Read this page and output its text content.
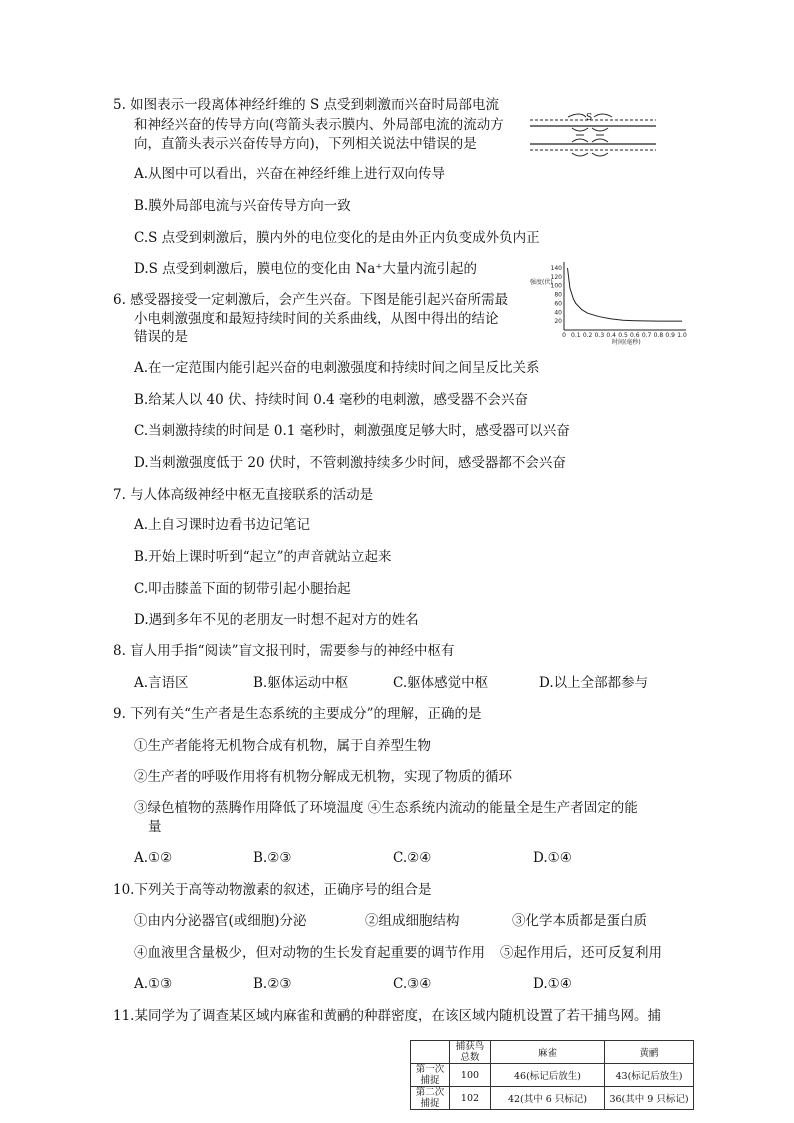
5. 如图表示一段离体神经纤维的 S 点受到刺激而兴奋时局部电流
和神经兴奋的传导方向(弯箭头表示膜内、外局部电流的流动方
向，直箭头表示兴奋传导方向)，下列相关说法中错误的是
S
A.从图中可以看出，兴奋在神经纤维上进行双向传导
B.膜外局部电流与兴奋传导方向一致
C.S 点受到刺激后，膜内外的电位变化的是由外正内负变成外负内正
D.S 点受到刺激后，膜电位的变化由 Na⁺大量内流引起的
6. 感受器接受一定刺激后，会产生兴奋。下图是能引起兴奋所需最
小电刺激强度和最短持续时间的关系曲线，从图中得出的结论
错误的是
强度(伏)
时间(毫秒)
140
120
100
80
60
40
20
0 0.1 0.2 0.3 0.4 0.5 0.6 0.7 0.8 0.9 1.0
A.在一定范围内能引起兴奋的电刺激强度和持续时间之间呈反比关系
B.给某人以 40 伏、持续时间 0.4 毫秒的电刺激，感受器不会兴奋
C.当刺激持续的时间是 0.1 毫秒时，刺激强度足够大时，感受器可以兴奋
D.当刺激强度低于 20 伏时，不管刺激持续多少时间，感受器都不会兴奋
7. 与人体高级神经中枢无直接联系的活动是
A.上自习课时边看书边记笔记
B.开始上课时听到“起立”的声音就站立起来
C.叩击膝盖下面的韧带引起小腿抬起
D.遇到多年不见的老朋友一时想不起对方的姓名
8. 盲人用手指“阅读”盲文报刊时，需要参与的神经中枢有
A.言语区	B.躯体运动中枢	C.躯体感觉中枢	D.以上全部都参与
9. 下列有关“生产者是生态系统的主要成分”的理解，正确的是
①生产者能将无机物合成有机物，属于自养型生物
②生产者的呼吸作用将有机物分解成无机物，实现了物质的循环
③绿色植物的蒸腾作用降低了环境温度 ④生态系统内流动的能量全是生产者固定的能
量
A.①②	B.②③	C.②④	D.①④
10.下列关于高等动物激素的叙述，正确序号的组合是
①由内分泌器官(或细胞)分泌	②组成细胞结构	③化学本质都是蛋白质
④血液里含量极少，但对动物的生长发育起重要的调节作用 ⑤起作用后，还可反复利用
A.①③	B.②③	C.③④	D.①④
11.某同学为了调查某区域内麻雀和黄鹂的种群密度，在该区域内随机设置了若干捕鸟网。捕
	捕获鸟总数	麻雀	黄鹂
第一次捕捉	100	46(标记后放生)	43(标记后放生)
第二次捕捉	102	42(其中 6 只标记)	36(其中 9 只标记)
